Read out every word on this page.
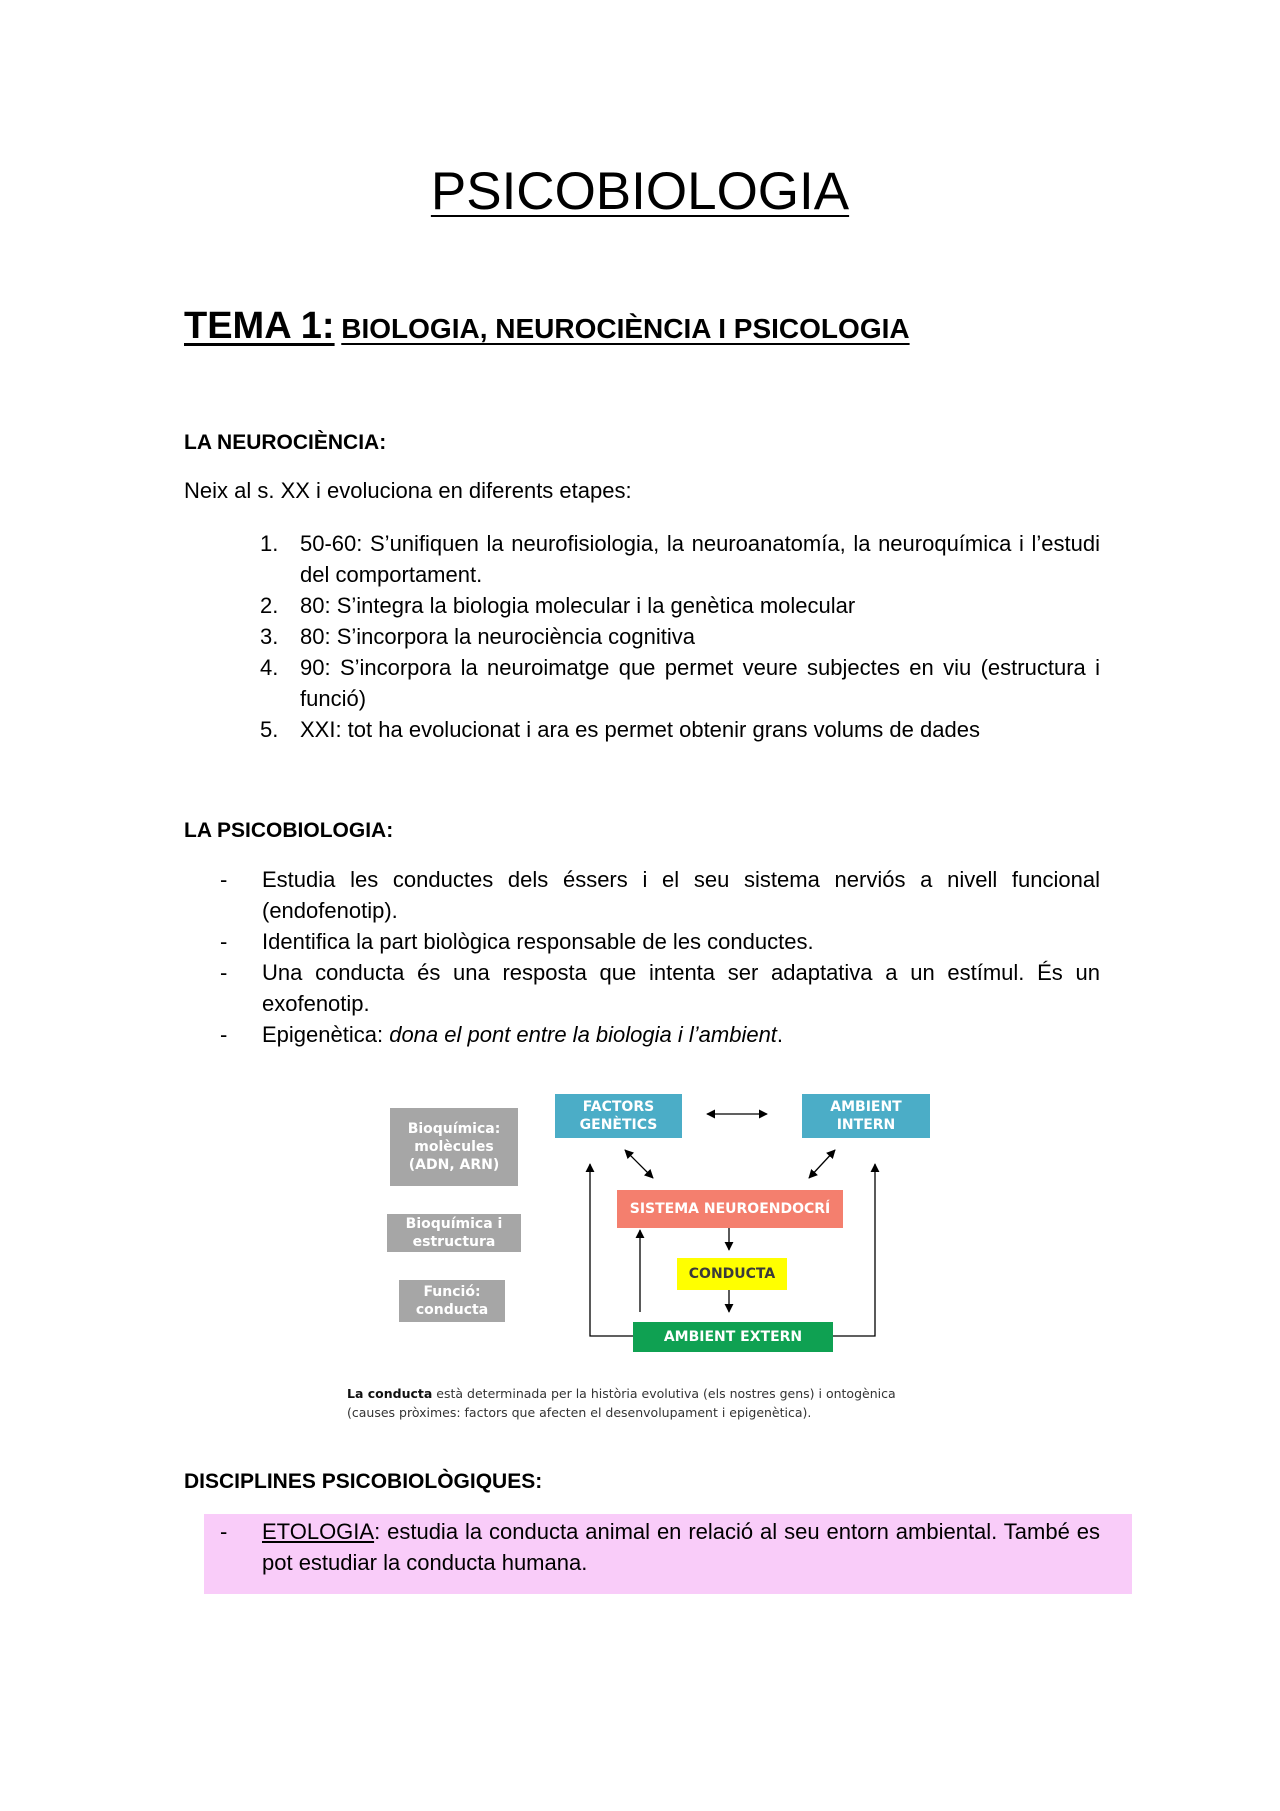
PSICOBIOLOGIA
TEMA 1: BIOLOGIA, NEUROCIÈNCIA I PSICOLOGIA
LA NEUROCIÈNCIA:

Neix al s. XX i evoluciona en diferents etapes:

1. 50-60: S’unifiquen la neurofisiologia, la neuroanatomía, la neuroquímica i l’estudi del comportament.
2. 80: S’integra la biologia molecular i la genètica molecular
3. 80: S’incorpora la neurociència cognitiva
4. 90: S’incorpora la neuroimatge que permet veure subjectes en viu (estructura i funció)
5. XXI: tot ha evolucionat i ara es permet obtenir grans volums de dades
LA PSICOBIOLOGIA:
- Estudia les conductes dels éssers i el seu sistema nerviós a nivell funcional (endofenotip).
- Identifica la part biològica responsable de les conductes.
- Una conducta és una resposta que intenta ser adaptativa a un estímul. És un exofenotip.
- Epigenètica: dona el pont entre la biologia i l’ambient.
Bioquímica: molècules (ADN, ARN)
Bioquímica i estructura
Funció: conducta
FACTORS GENÈTICS
AMBIENT INTERN
SISTEMA NEUROENDOCRÍ
CONDUCTA
AMBIENT EXTERN
La conducta està determinada per la història evolutiva (els nostres gens) i ontogènica (causes pròximes: factors que afecten el desenvolupament i epigenètica).
DISCIPLINES PSICOBIOLÒGIQUES:
- ETOLOGIA: estudia la conducta animal en relació al seu entorn ambiental. També es pot estudiar la conducta humana.
